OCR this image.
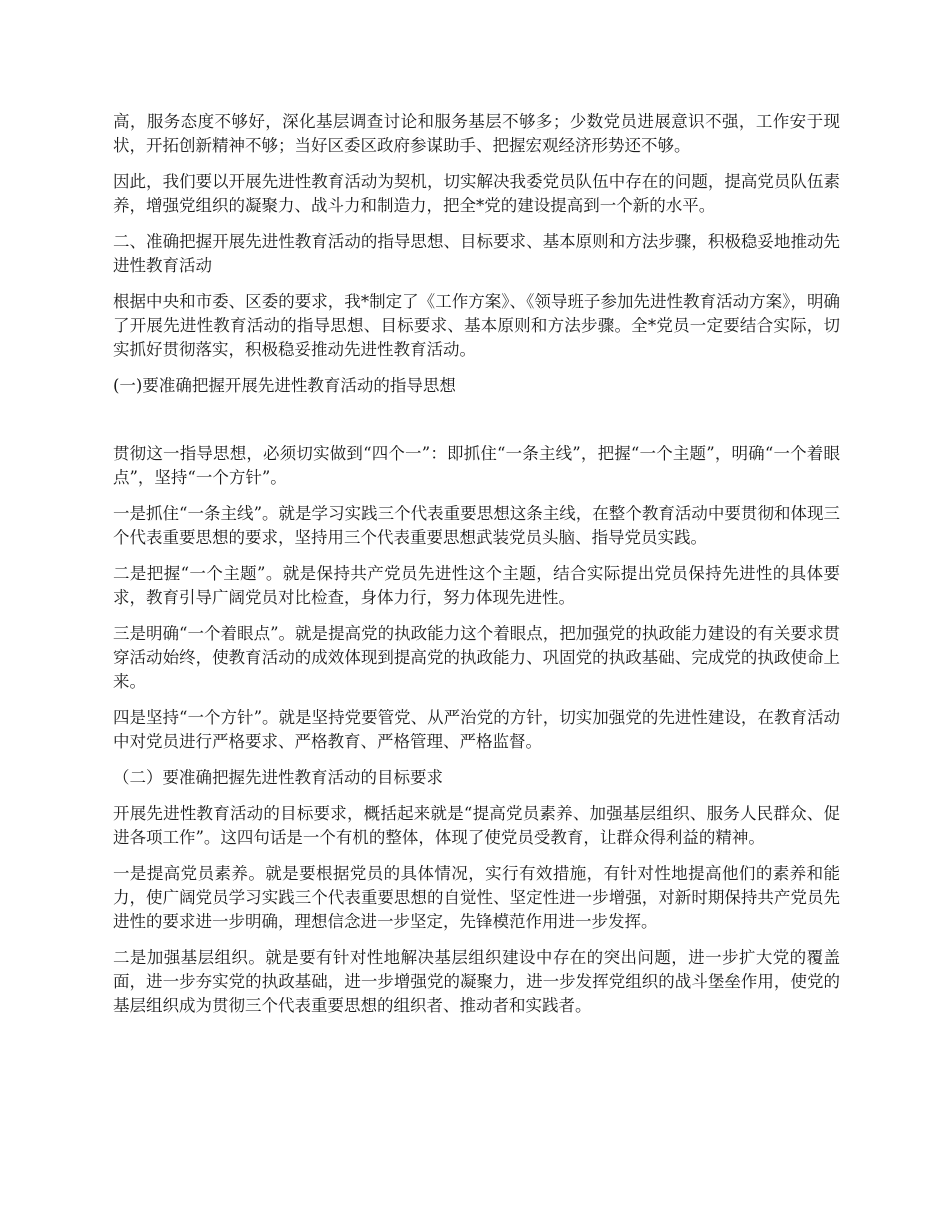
高，服务态度不够好，深化基层调查讨论和服务基层不够多；少数党员进展意识不强，工作安于现状，开拓创新精神不够；当好区委区政府参谋助手、把握宏观经济形势还不够。

因此，我们要以开展先进性教育活动为契机，切实解决我委党员队伍中存在的问题，提高党员队伍素养，增强党组织的凝聚力、战斗力和制造力，把全*党的建设提高到一个新的水平。

二、准确把握开展先进性教育活动的指导思想、目标要求、基本原则和方法步骤，积极稳妥地推动先进性教育活动

根据中央和市委、区委的要求，我*制定了《工作方案》、《领导班子参加先进性教育活动方案》，明确了开展先进性教育活动的指导思想、目标要求、基本原则和方法步骤。全*党员一定要结合实际，切实抓好贯彻落实，积极稳妥推动先进性教育活动。

(一)要准确把握开展先进性教育活动的指导思想

贯彻这一指导思想，必须切实做到“四个一”：即抓住“一条主线”，把握“一个主题”，明确“一个着眼点”，坚持“一个方针”。

一是抓住“一条主线”。就是学习实践三个代表重要思想这条主线，在整个教育活动中要贯彻和体现三个代表重要思想的要求，坚持用三个代表重要思想武装党员头脑、指导党员实践。

二是把握“一个主题”。就是保持共产党员先进性这个主题，结合实际提出党员保持先进性的具体要求，教育引导广阔党员对比检查，身体力行，努力体现先进性。

三是明确“一个着眼点”。就是提高党的执政能力这个着眼点，把加强党的执政能力建设的有关要求贯穿活动始终，使教育活动的成效体现到提高党的执政能力、巩固党的执政基础、完成党的执政使命上来。

四是坚持“一个方针”。就是坚持党要管党、从严治党的方针，切实加强党的先进性建设，在教育活动中对党员进行严格要求、严格教育、严格管理、严格监督。

（二）要准确把握先进性教育活动的目标要求

开展先进性教育活动的目标要求，概括起来就是“提高党员素养、加强基层组织、服务人民群众、促进各项工作”。这四句话是一个有机的整体，体现了使党员受教育，让群众得利益的精神。

一是提高党员素养。就是要根据党员的具体情况，实行有效措施，有针对性地提高他们的素养和能力，使广阔党员学习实践三个代表重要思想的自觉性、坚定性进一步增强，对新时期保持共产党员先进性的要求进一步明确，理想信念进一步坚定，先锋模范作用进一步发挥。

二是加强基层组织。就是要有针对性地解决基层组织建设中存在的突出问题，进一步扩大党的覆盖面，进一步夯实党的执政基础，进一步增强党的凝聚力，进一步发挥党组织的战斗堡垒作用，使党的基层组织成为贯彻三个代表重要思想的组织者、推动者和实践者。
